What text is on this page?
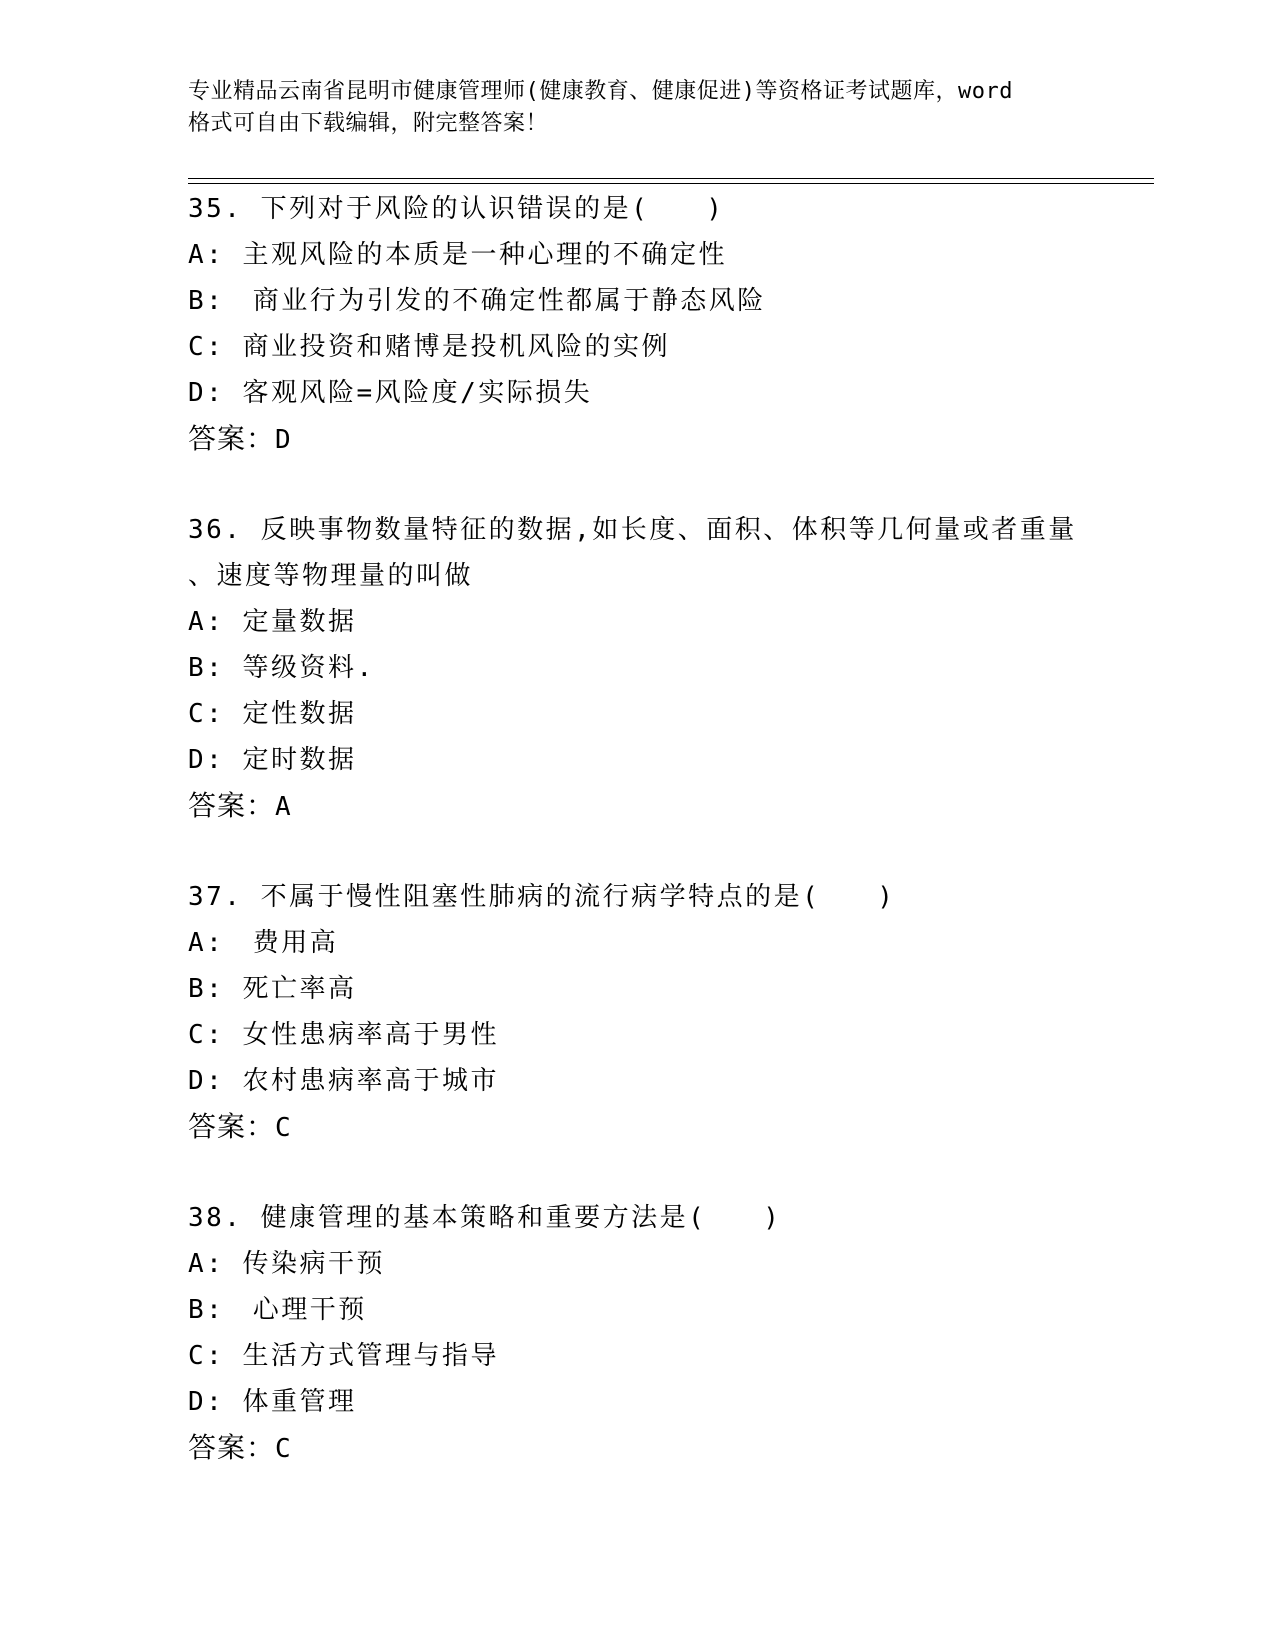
专业精品云南省昆明市健康管理师(健康教育、健康促进)等资格证考试题库，word
格式可自由下载编辑，附完整答案！
35. 下列对于风险的认识错误的是(　　)
A: 主观风险的本质是一种心理的不确定性
B:　商业行为引发的不确定性都属于静态风险
C: 商业投资和赌博是投机风险的实例
D: 客观风险=风险度/实际损失
答案：D
36. 反映事物数量特征的数据,如长度、面积、体积等几何量或者重量
、速度等物理量的叫做
A: 定量数据
B: 等级资料.
C: 定性数据
D: 定时数据
答案：A
37. 不属于慢性阻塞性肺病的流行病学特点的是(　　)
A:　费用高
B: 死亡率高
C: 女性患病率高于男性
D: 农村患病率高于城市
答案：C
38. 健康管理的基本策略和重要方法是(　　)
A: 传染病干预
B:　心理干预
C: 生活方式管理与指导
D: 体重管理
答案：C
